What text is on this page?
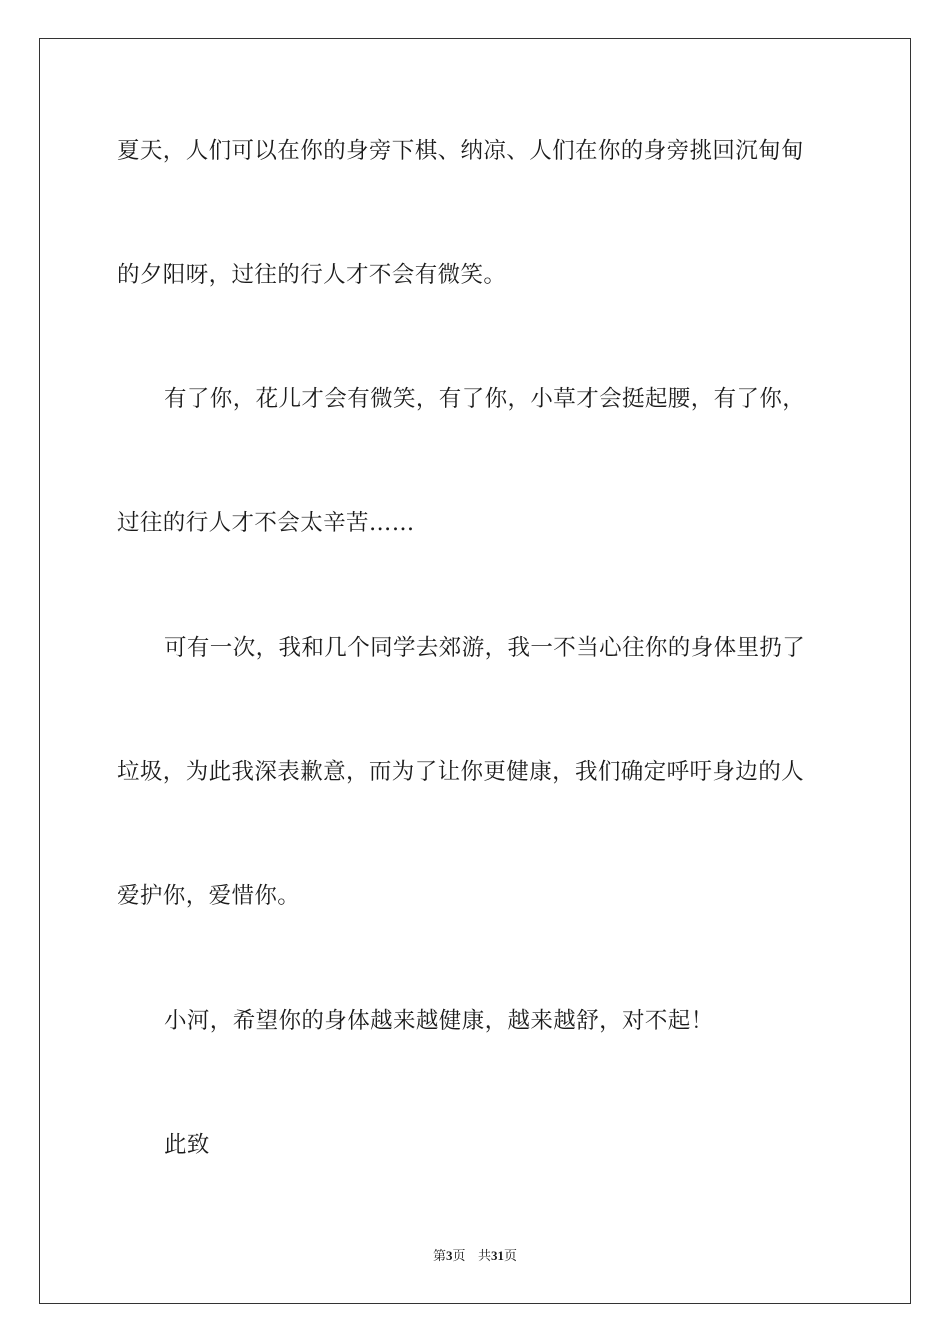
夏天，人们可以在你的身旁下棋、纳凉、人们在你的身旁挑回沉甸甸
的夕阳呀，过往的行人才不会有微笑。
有了你，花儿才会有微笑，有了你，小草才会挺起腰，有了你，
过往的行人才不会太辛苦……
可有一次，我和几个同学去郊游，我一不当心往你的身体里扔了
垃圾，为此我深表歉意，而为了让你更健康，我们确定呼吁身边的人
爱护你，爱惜你。
小河，希望你的身体越来越健康，越来越舒，对不起！
此致
第3页 共31页
